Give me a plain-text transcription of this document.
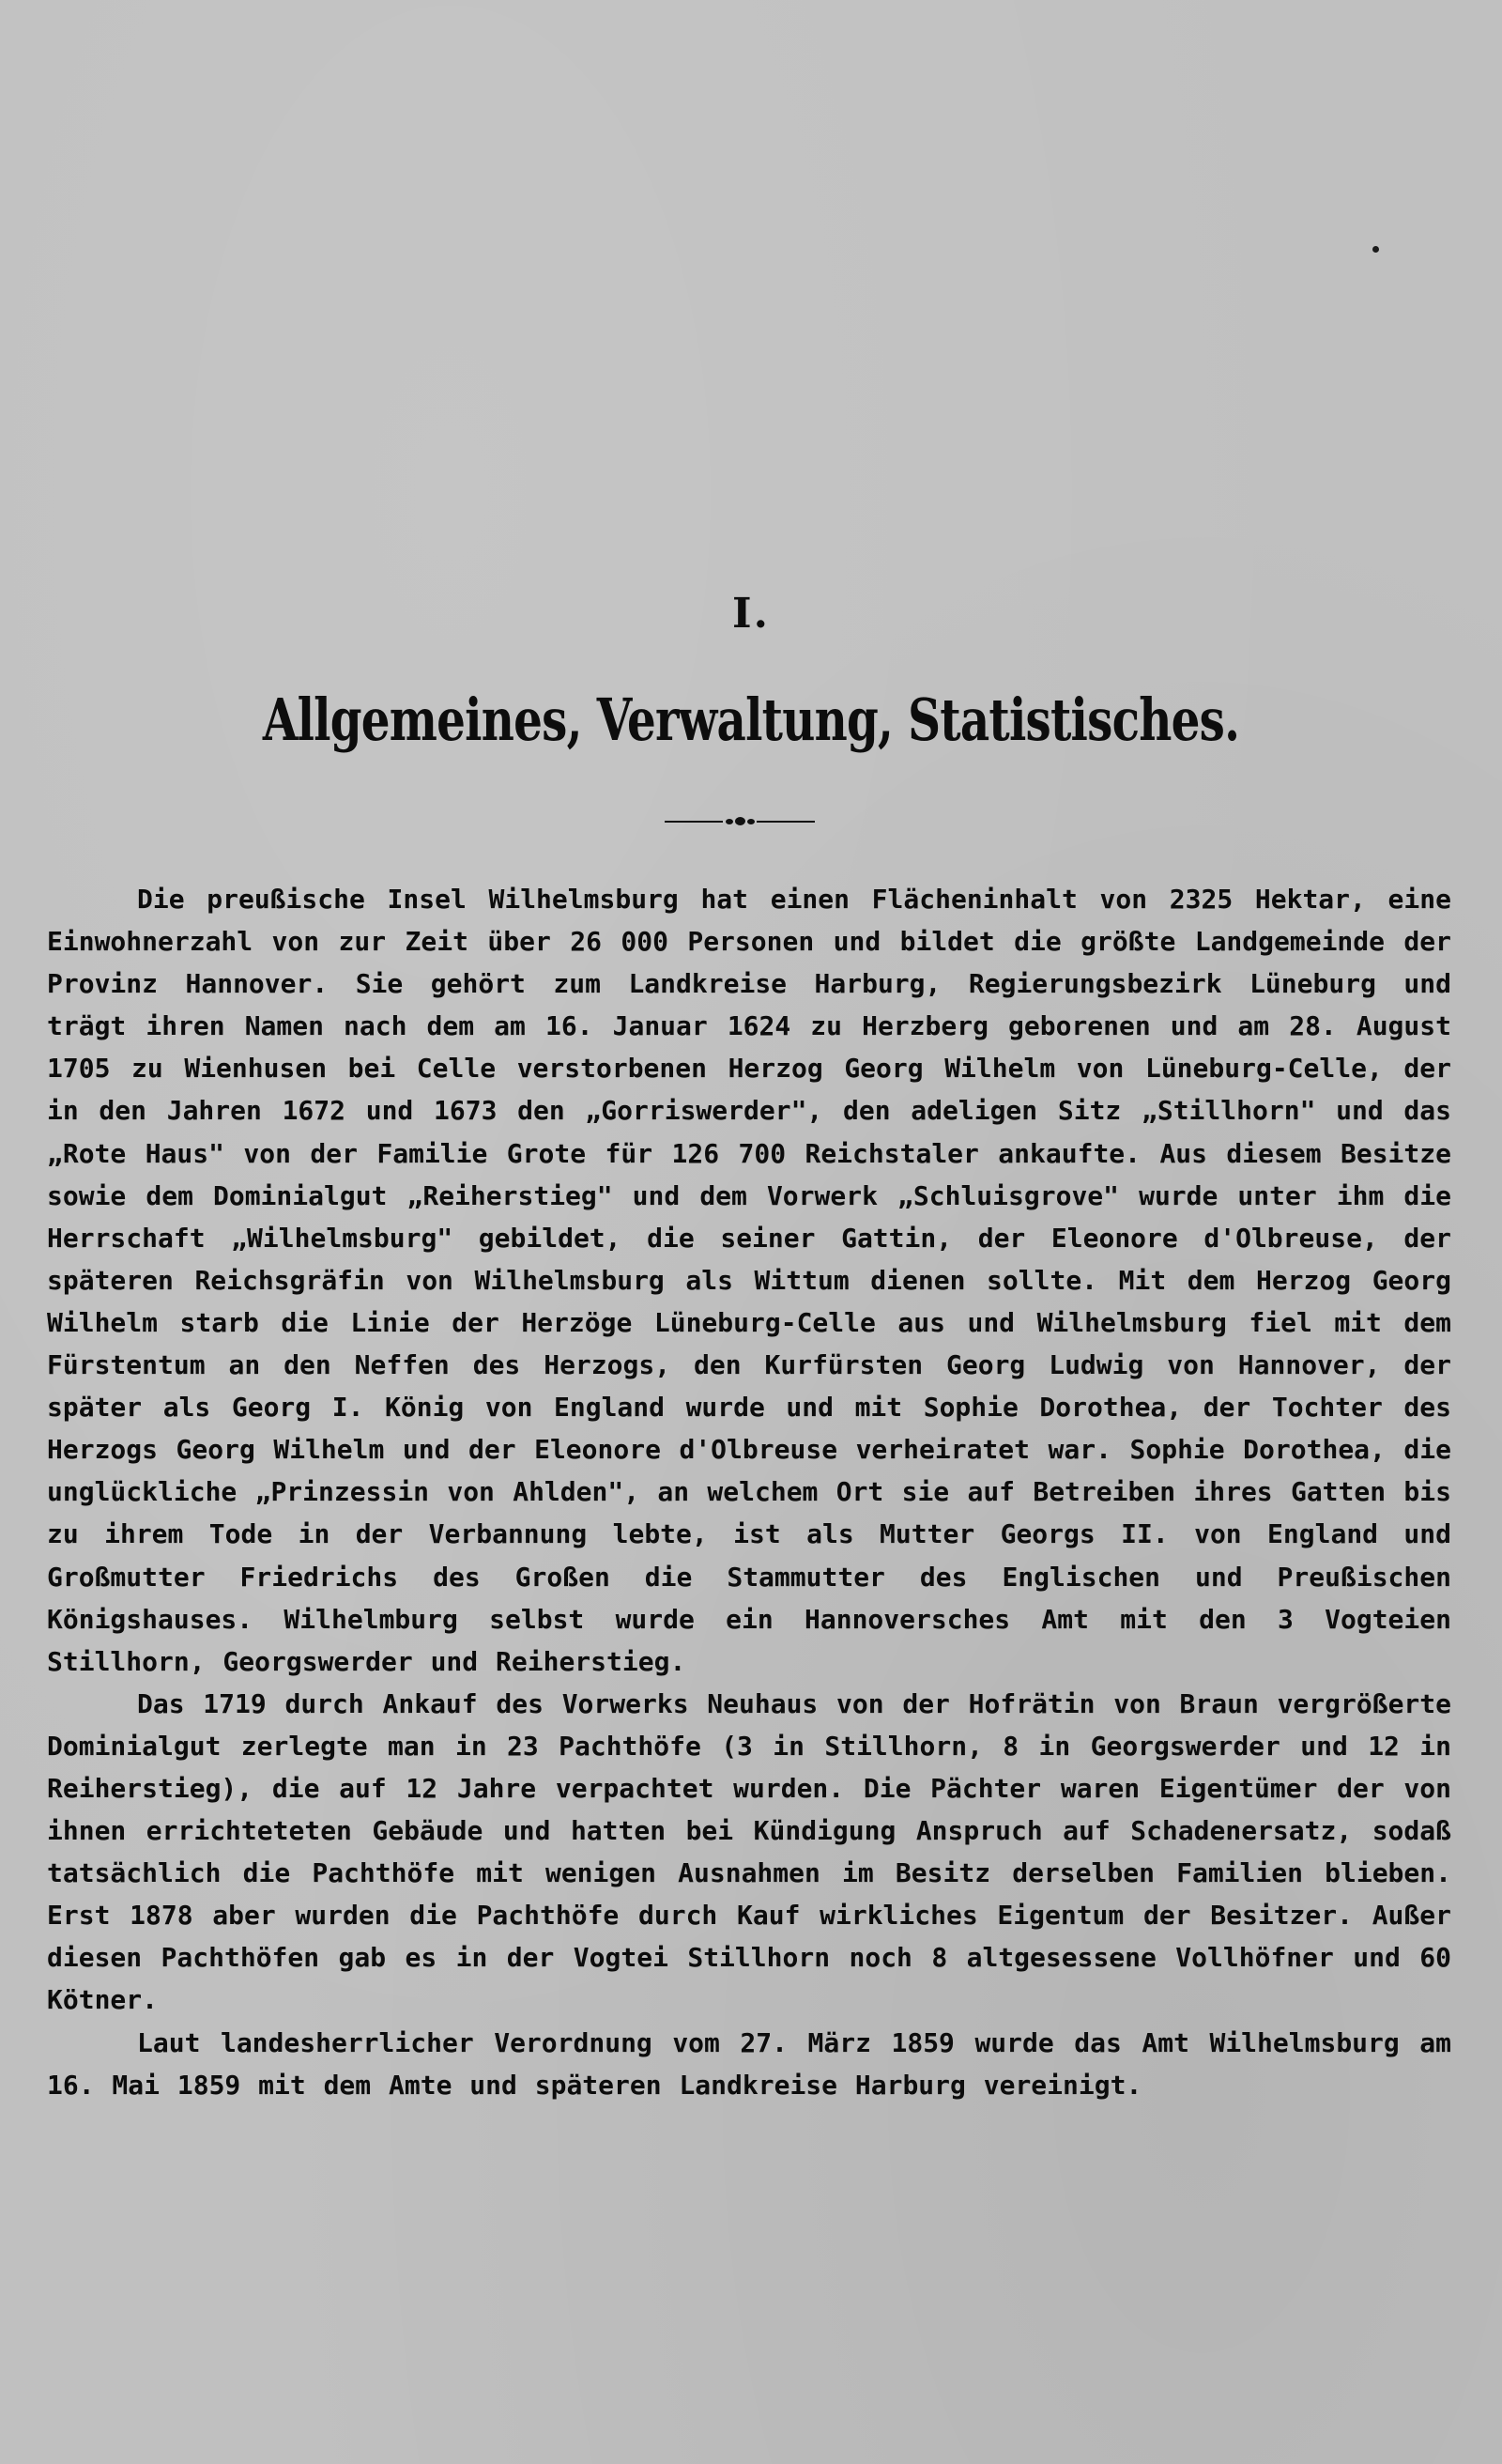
I.
Allgemeines, Verwaltung, Statistisches.

Die preußische Insel Wilhelmsburg hat einen Flächeninhalt von 2325 Hektar, eine Einwohnerzahl von zur Zeit über 26 000 Personen und bildet die größte Landgemeinde der Provinz Hannover. Sie gehört zum Landkreise Harburg, Regierungsbezirk Lüneburg und trägt ihren Namen nach dem am 16. Januar 1624 zu Herzberg geborenen und am 28. August 1705 zu Wienhusen bei Celle verstorbenen Herzog Georg Wilhelm von Lüneburg-Celle, der in den Jahren 1672 und 1673 den „Gorriswerder", den adeligen Sitz „Stillhorn" und das „Rote Haus" von der Familie Grote für 126 700 Reichstaler ankaufte. Aus diesem Besitze sowie dem Dominialgut „Reiherstieg" und dem Vorwerk „Schluisgrove" wurde unter ihm die Herrschaft „Wilhelmsburg" gebildet, die seiner Gattin, der Eleonore d'Olbreuse, der späteren Reichsgräfin von Wilhelmsburg als Wittum dienen sollte. Mit dem Herzog Georg Wilhelm starb die Linie der Herzöge Lüneburg-Celle aus und Wilhelmsburg fiel mit dem Fürstentum an den Neffen des Herzogs, den Kurfürsten Georg Ludwig von Hannover, der später als Georg I. König von England wurde und mit Sophie Dorothea, der Tochter des Herzogs Georg Wilhelm und der Eleonore d'Olbreuse verheiratet war. Sophie Dorothea, die unglückliche „Prinzessin von Ahlden", an welchem Ort sie auf Betreiben ihres Gatten bis zu ihrem Tode in der Verbannung lebte, ist als Mutter Georgs II. von England und Großmutter Friedrichs des Großen die Stammutter des Englischen und Preußischen Königshauses. Wilhelmburg selbst wurde ein Hannoversches Amt mit den 3 Vogteien Stillhorn, Georgswerder und Reiherstieg.

Das 1719 durch Ankauf des Vorwerks Neuhaus von der Hofrätin von Braun vergrößerte Dominialgut zerlegte man in 23 Pachthöfe (3 in Stillhorn, 8 in Georgswerder und 12 in Reiherstieg), die auf 12 Jahre verpachtet wurden. Die Pächter waren Eigentümer der von ihnen errichteteten Gebäude und hatten bei Kündigung Anspruch auf Schadenersatz, sodaß tatsächlich die Pachthöfe mit wenigen Ausnahmen im Besitz derselben Familien blieben. Erst 1878 aber wurden die Pachthöfe durch Kauf wirkliches Eigentum der Besitzer. Außer diesen Pachthöfen gab es in der Vogtei Stillhorn noch 8 altgesessene Vollhöfner und 60 Kötner.

Laut landesherrlicher Verordnung vom 27. März 1859 wurde das Amt Wilhelmsburg am 16. Mai 1859 mit dem Amte und späteren Landkreise Harburg vereinigt.
